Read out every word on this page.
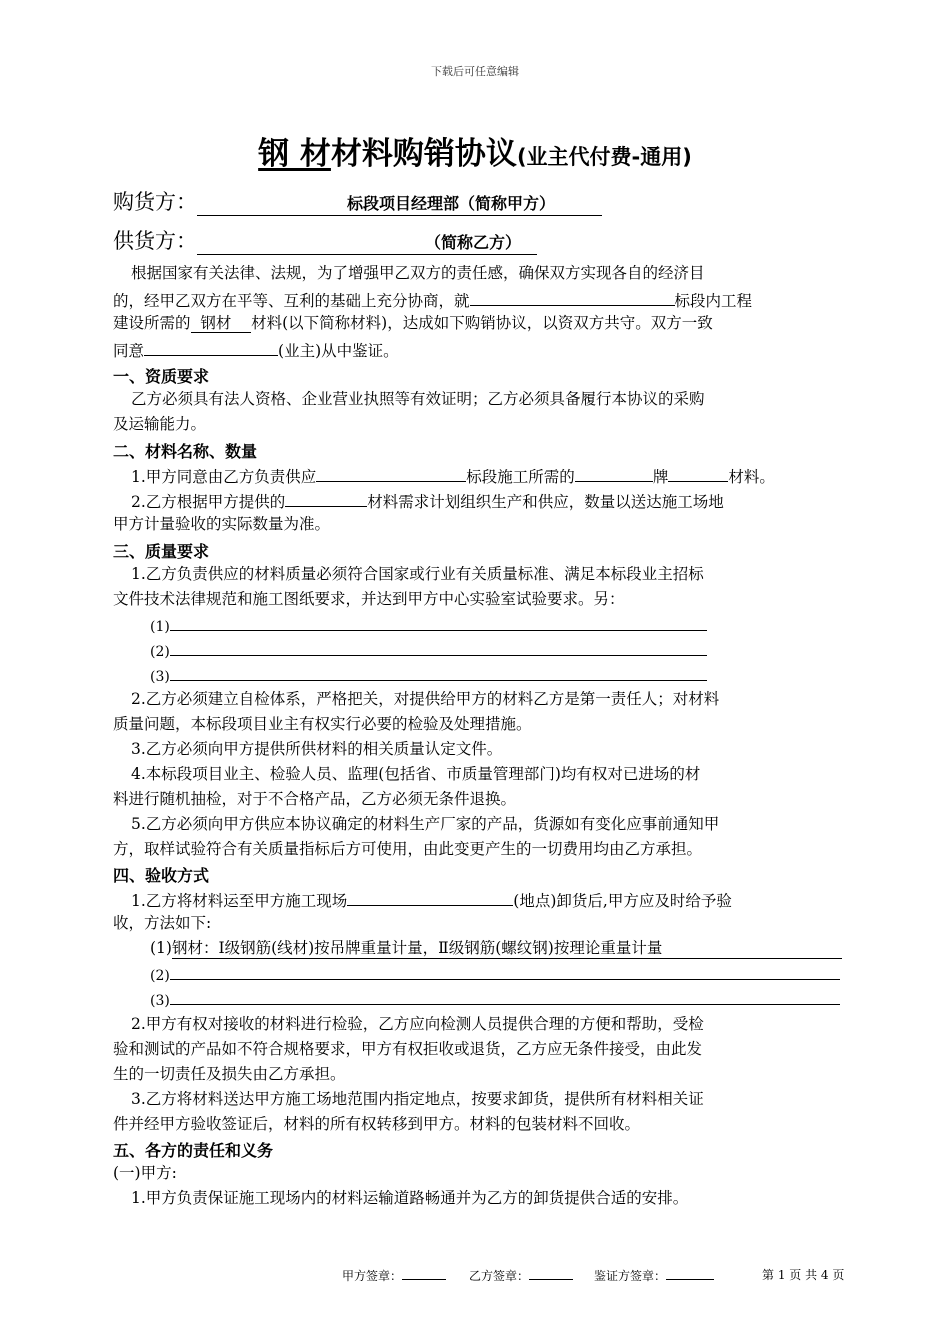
下载后可任意编辑
钢 材材料购销协议(业主代付费-通用)
购货方：	标段项目经理部（简称甲方）
供货方：	（简称乙方）
根据国家有关法律、法规，为了增强甲乙双方的责任感，确保双方实现各自的经济目
的，经甲乙双方在平等、互利的基础上充分协商，就	标段内工程
建设所需的 钢材 材料(以下简称材料)，达成如下购销协议，以资双方共守。双方一致
同意	(业主)从中鉴证。
一、资质要求
乙方必须具有法人资格、企业营业执照等有效证明；乙方必须具备履行本协议的采购
及运输能力。
二、材料名称、数量
1.甲方同意由乙方负责供应	标段施工所需的	牌	材料。
2.乙方根据甲方提供的	材料需求计划组织生产和供应，数量以送达施工场地
甲方计量验收的实际数量为准。
三、质量要求
1.乙方负责供应的材料质量必须符合国家或行业有关质量标准、满足本标段业主招标
文件技术法律规范和施工图纸要求，并达到甲方中心实验室试验要求。另：
(1)
(2)
(3)
2.乙方必须建立自检体系，严格把关，对提供给甲方的材料乙方是第一责任人；对材料
质量问题，本标段项目业主有权实行必要的检验及处理措施。
3.乙方必须向甲方提供所供材料的相关质量认定文件。
4.本标段项目业主、检验人员、监理(包括省、市质量管理部门)均有权对已进场的材
料进行随机抽检，对于不合格产品，乙方必须无条件退换。
5.乙方必须向甲方供应本协议确定的材料生产厂家的产品，货源如有变化应事前通知甲
方，取样试验符合有关质量指标后方可使用，由此变更产生的一切费用均由乙方承担。
四、验收方式
1.乙方将材料运至甲方施工现场	(地点)卸货后,甲方应及时给予验
收，方法如下:
(1)钢材：Ⅰ级钢筋(线材)按吊牌重量计量，Ⅱ级钢筋(螺纹钢)按理论重量计量
(2)
(3)
2.甲方有权对接收的材料进行检验，乙方应向检测人员提供合理的方便和帮助，受检
验和测试的产品如不符合规格要求，甲方有权拒收或退货，乙方应无条件接受，由此发
生的一切责任及损失由乙方承担。
3.乙方将材料送达甲方施工场地范围内指定地点，按要求卸货，提供所有材料相关证
件并经甲方验收签证后，材料的所有权转移到甲方。材料的包装材料不回收。
五、各方的责任和义务
(一)甲方:
1.甲方负责保证施工现场内的材料运输道路畅通并为乙方的卸货提供合适的安排。
甲方签章：	乙方签章：	鉴证方签章：	第 1 页 共 4 页
